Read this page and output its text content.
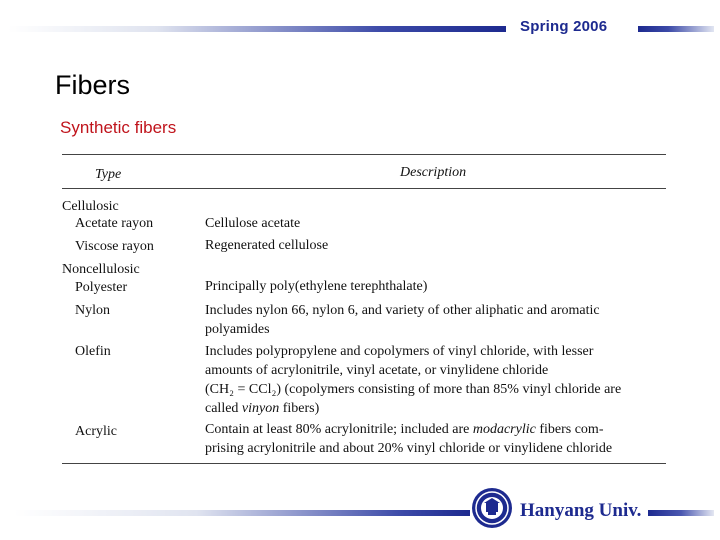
Spring 2006
Fibers
Synthetic fibers
Type	Description
Cellulosic
Acetate rayon	Cellulose acetate
Viscose rayon	Regenerated cellulose
Noncellulosic
Polyester	Principally poly(ethylene terephthalate)
Nylon	Includes nylon 66, nylon 6, and variety of other aliphatic and aromatic
polyamides
Olefin	Includes polypropylene and copolymers of vinyl chloride, with lesser
amounts of acrylonitrile, vinyl acetate, or vinylidene chloride
(CH₂ = CCl₂) (copolymers consisting of more than 85% vinyl chloride are
called vinyon fibers)
Acrylic	Contain at least 80% acrylonitrile; included are modacrylic fibers com-
prising acrylonitrile and about 20% vinyl chloride or vinylidene chloride
Hanyang Univ.
